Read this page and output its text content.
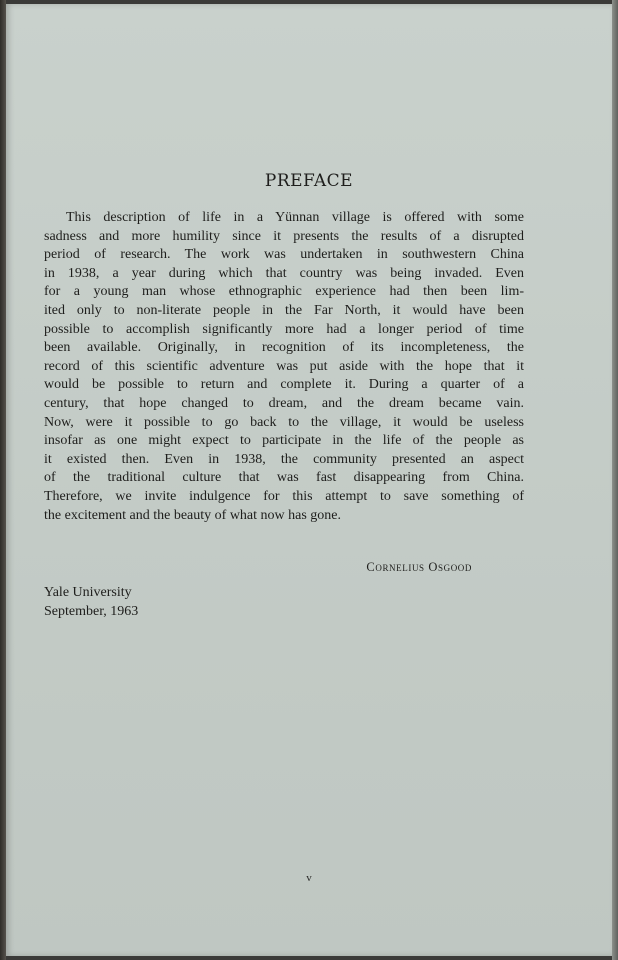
PREFACE

This description of life in a Yünnan village is offered with some
sadness and more humility since it presents the results of a disrupted
period of research. The work was undertaken in southwestern China
in 1938, a year during which that country was being invaded. Even
for a young man whose ethnographic experience had then been lim-
ited only to non-literate people in the Far North, it would have been
possible to accomplish significantly more had a longer period of time
been available. Originally, in recognition of its incompleteness, the
record of this scientific adventure was put aside with the hope that it
would be possible to return and complete it. During a quarter of a
century, that hope changed to dream, and the dream became vain.
Now, were it possible to go back to the village, it would be useless
insofar as one might expect to participate in the life of the people as
it existed then. Even in 1938, the community presented an aspect
of the traditional culture that was fast disappearing from China.
Therefore, we invite indulgence for this attempt to save something of
the excitement and the beauty of what now has gone.

Cornelius Osgood
Yale University
September, 1963
v
